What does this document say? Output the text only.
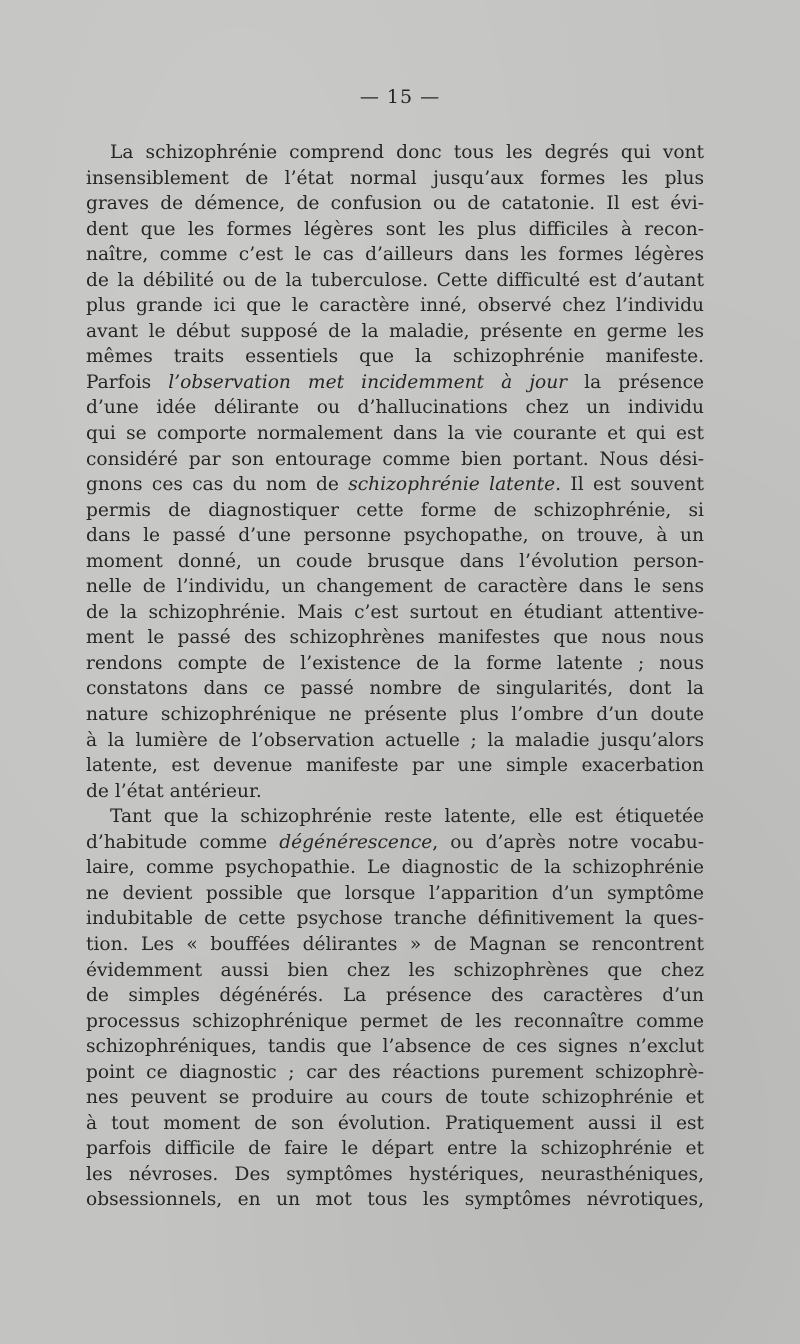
— 15 —
La schizophrénie comprend donc tous les degrés qui vont
insensiblement de l’état normal jusqu’aux formes les plus
graves de démence, de confusion ou de catatonie. Il est évi-
dent que les formes légères sont les plus difficiles à recon-
naître, comme c’est le cas d’ailleurs dans les formes légères
de la débilité ou de la tuberculose. Cette difficulté est d’autant
plus grande ici que le caractère inné, observé chez l’individu
avant le début supposé de la maladie, présente en germe les
mêmes traits essentiels que la schizophrénie manifeste.
Parfois l’observation met incidemment à jour la présence
d’une idée délirante ou d’hallucinations chez un individu
qui se comporte normalement dans la vie courante et qui est
considéré par son entourage comme bien portant. Nous dési-
gnons ces cas du nom de schizophrénie latente. Il est souvent
permis de diagnostiquer cette forme de schizophrénie, si
dans le passé d’une personne psychopathe, on trouve, à un
moment donné, un coude brusque dans l’évolution person-
nelle de l’individu, un changement de caractère dans le sens
de la schizophrénie. Mais c’est surtout en étudiant attentive-
ment le passé des schizophrènes manifestes que nous nous
rendons compte de l’existence de la forme latente ; nous
constatons dans ce passé nombre de singularités, dont la
nature schizophrénique ne présente plus l’ombre d’un doute
à la lumière de l’observation actuelle ; la maladie jusqu’alors
latente, est devenue manifeste par une simple exacerbation
de l’état antérieur.
Tant que la schizophrénie reste latente, elle est étiquetée
d’habitude comme dégénérescence, ou d’après notre vocabu-
laire, comme psychopathie. Le diagnostic de la schizophrénie
ne devient possible que lorsque l’apparition d’un symptôme
indubitable de cette psychose tranche définitivement la ques-
tion. Les « bouffées délirantes » de Magnan se rencontrent
évidemment aussi bien chez les schizophrènes que chez
de simples dégénérés. La présence des caractères d’un
processus schizophrénique permet de les reconnaître comme
schizophréniques, tandis que l’absence de ces signes n’exclut
point ce diagnostic ; car des réactions purement schizophrè-
nes peuvent se produire au cours de toute schizophrénie et
à tout moment de son évolution. Pratiquement aussi il est
parfois difficile de faire le départ entre la schizophrénie et
les névroses. Des symptômes hystériques, neurasthéniques,
obsessionnels, en un mot tous les symptômes névrotiques,
